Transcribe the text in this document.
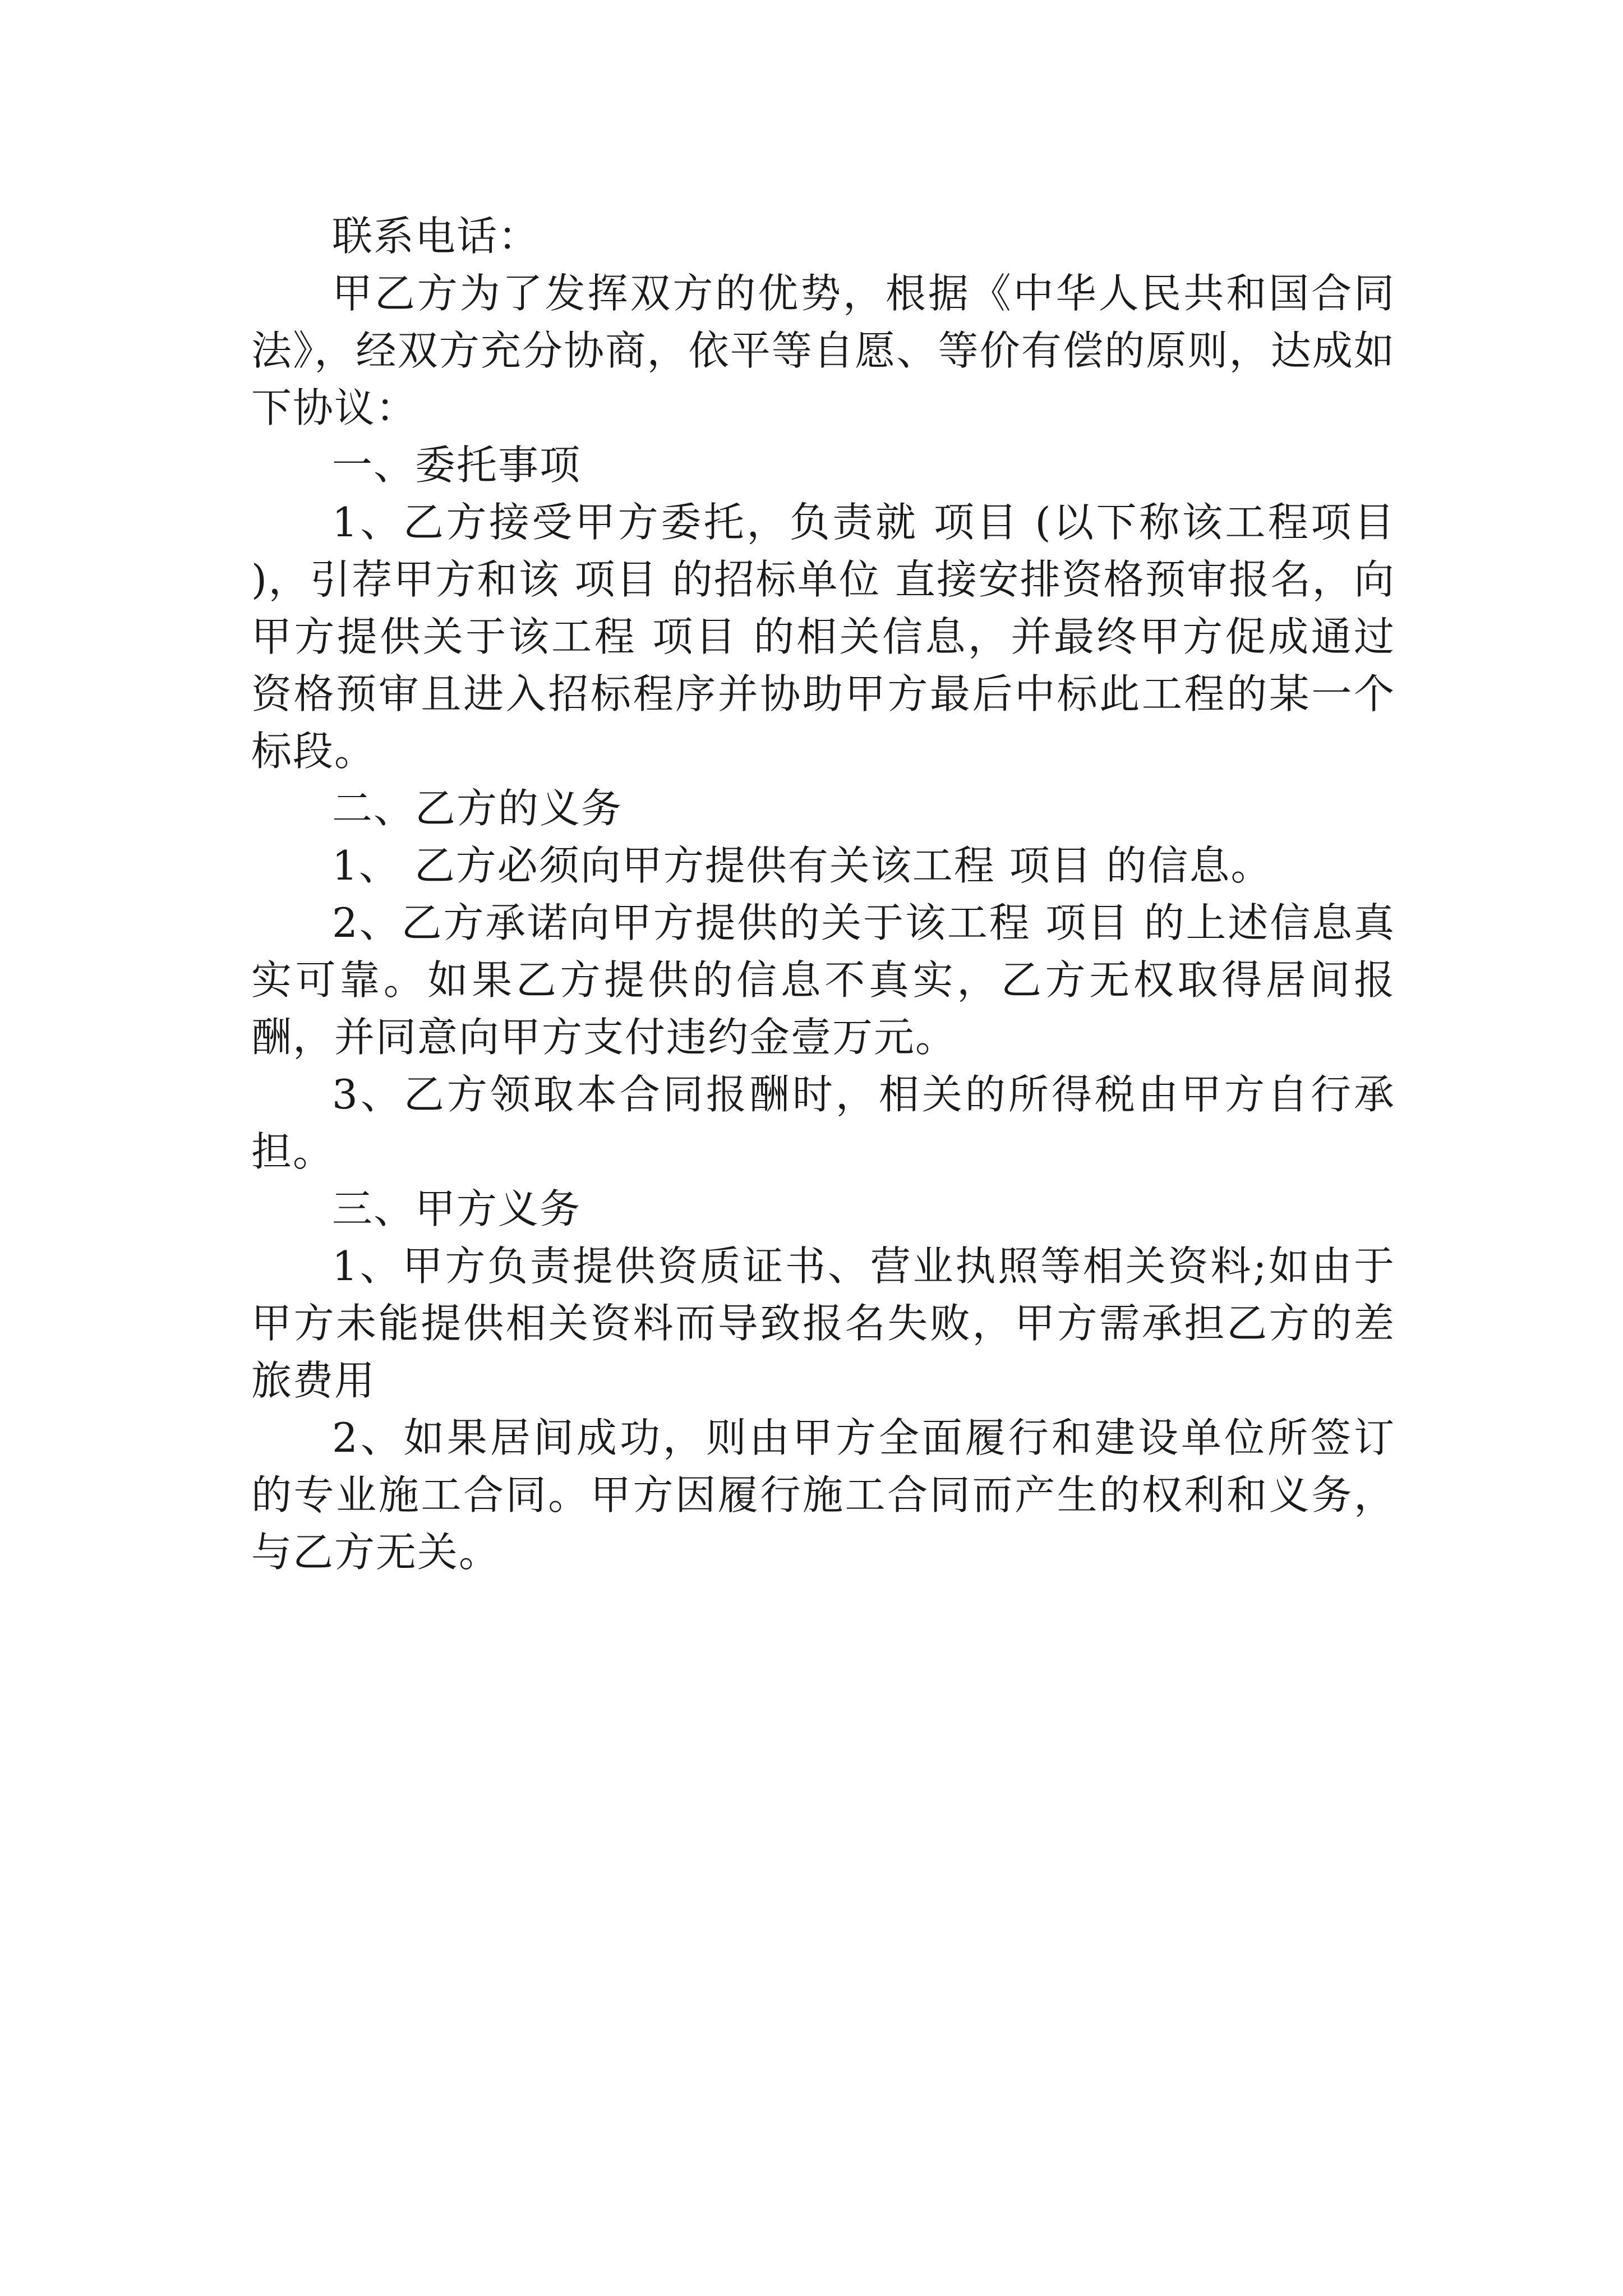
联系电话：

甲乙方为了发挥双方的优势，根据《中华人民共和国合同法》，经双方充分协商，依平等自愿、等价有偿的原则，达成如下协议：

一、委托事项

1、乙方接受甲方委托，负责就 项目 (以下称该工程项目 )，引荐甲方和该 项目 的招标单位 直接安排资格预审报名，向甲方提供关于该工程 项目 的相关信息，并最终甲方促成通过资格预审且进入招标程序并协助甲方最后中标此工程的某一个标段。

二、乙方的义务

1、 乙方必须向甲方提供有关该工程 项目 的信息。

2、乙方承诺向甲方提供的关于该工程 项目 的上述信息真实可靠。如果乙方提供的信息不真实，乙方无权取得居间报酬，并同意向甲方支付违约金壹万元。

3、乙方领取本合同报酬时，相关的所得税由甲方自行承担。

三、甲方义务

1、甲方负责提供资质证书、营业执照等相关资料;如由于甲方未能提供相关资料而导致报名失败，甲方需承担乙方的差旅费用

2、如果居间成功，则由甲方全面履行和建设单位所签订的专业施工合同。甲方因履行施工合同而产生的权利和义务，与乙方无关。
